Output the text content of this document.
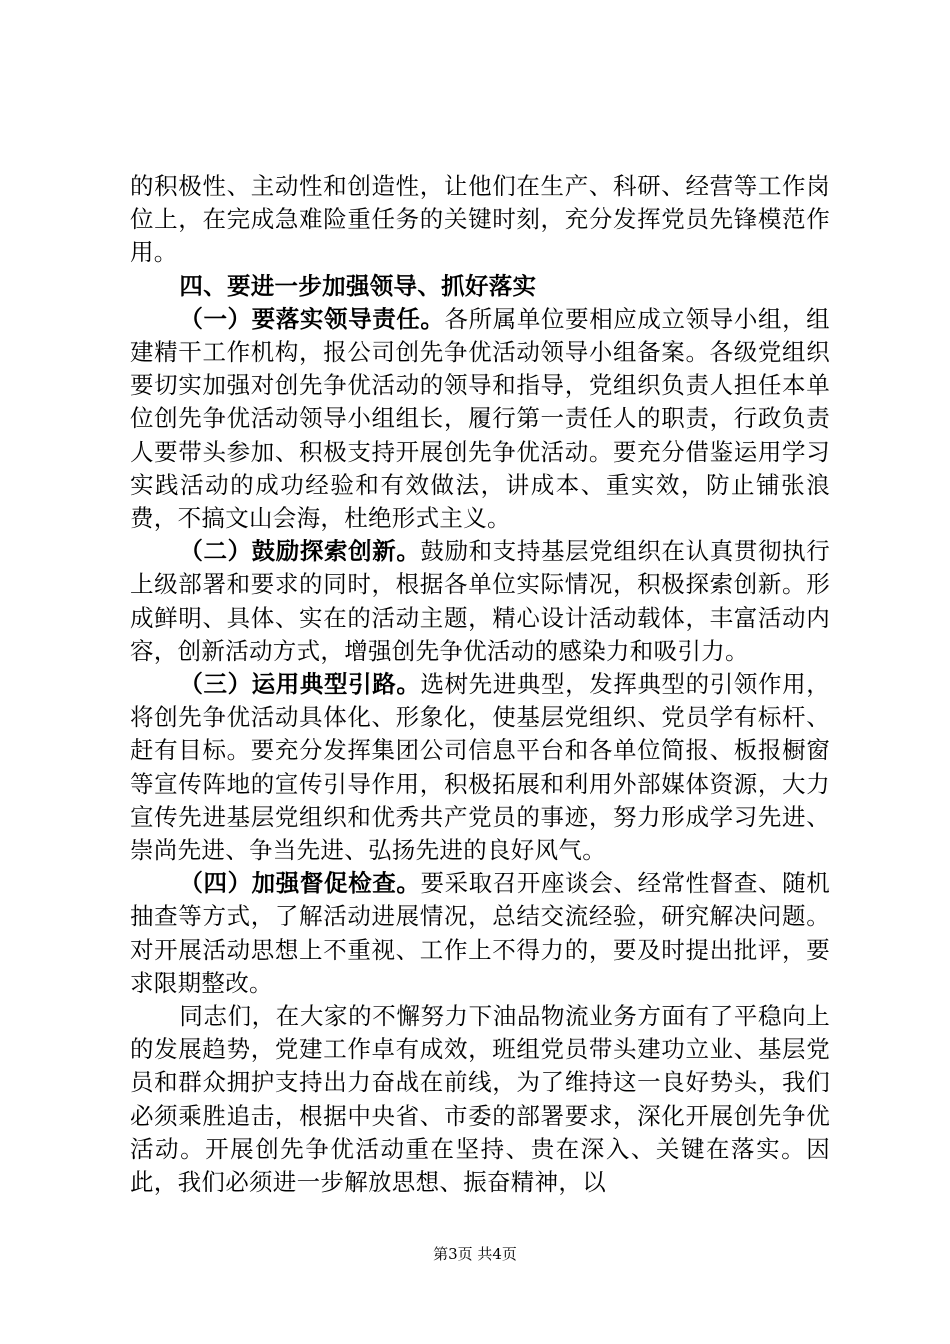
的积极性、主动性和创造性，让他们在生产、科研、经营等工作岗位上，在完成急难险重任务的关键时刻，充分发挥党员先锋模范作用。

四、要进一步加强领导、抓好落实

（一）要落实领导责任。各所属单位要相应成立领导小组，组建精干工作机构，报公司创先争优活动领导小组备案。各级党组织要切实加强对创先争优活动的领导和指导，党组织负责人担任本单位创先争优活动领导小组组长，履行第一责任人的职责，行政负责人要带头参加、积极支持开展创先争优活动。要充分借鉴运用学习实践活动的成功经验和有效做法，讲成本、重实效，防止铺张浪费，不搞文山会海，杜绝形式主义。

（二）鼓励探索创新。鼓励和支持基层党组织在认真贯彻执行上级部署和要求的同时，根据各单位实际情况，积极探索创新。形成鲜明、具体、实在的活动主题，精心设计活动载体，丰富活动内容，创新活动方式，增强创先争优活动的感染力和吸引力。

（三）运用典型引路。选树先进典型，发挥典型的引领作用，将创先争优活动具体化、形象化，使基层党组织、党员学有标杆、赶有目标。要充分发挥集团公司信息平台和各单位简报、板报橱窗等宣传阵地的宣传引导作用，积极拓展和利用外部媒体资源，大力宣传先进基层党组织和优秀共产党员的事迹，努力形成学习先进、崇尚先进、争当先进、弘扬先进的良好风气。

（四）加强督促检查。要采取召开座谈会、经常性督查、随机抽查等方式，了解活动进展情况，总结交流经验，研究解决问题。对开展活动思想上不重视、工作上不得力的，要及时提出批评，要求限期整改。

同志们，在大家的不懈努力下油品物流业务方面有了平稳向上的发展趋势，党建工作卓有成效，班组党员带头建功立业、基层党员和群众拥护支持出力奋战在前线，为了维持这一良好势头，我们必须乘胜追击，根据中央省、市委的部署要求，深化开展创先争优活动。开展创先争优活动重在坚持、贵在深入、关键在落实。因此，我们必须进一步解放思想、振奋精神，以

第3页 共4页
